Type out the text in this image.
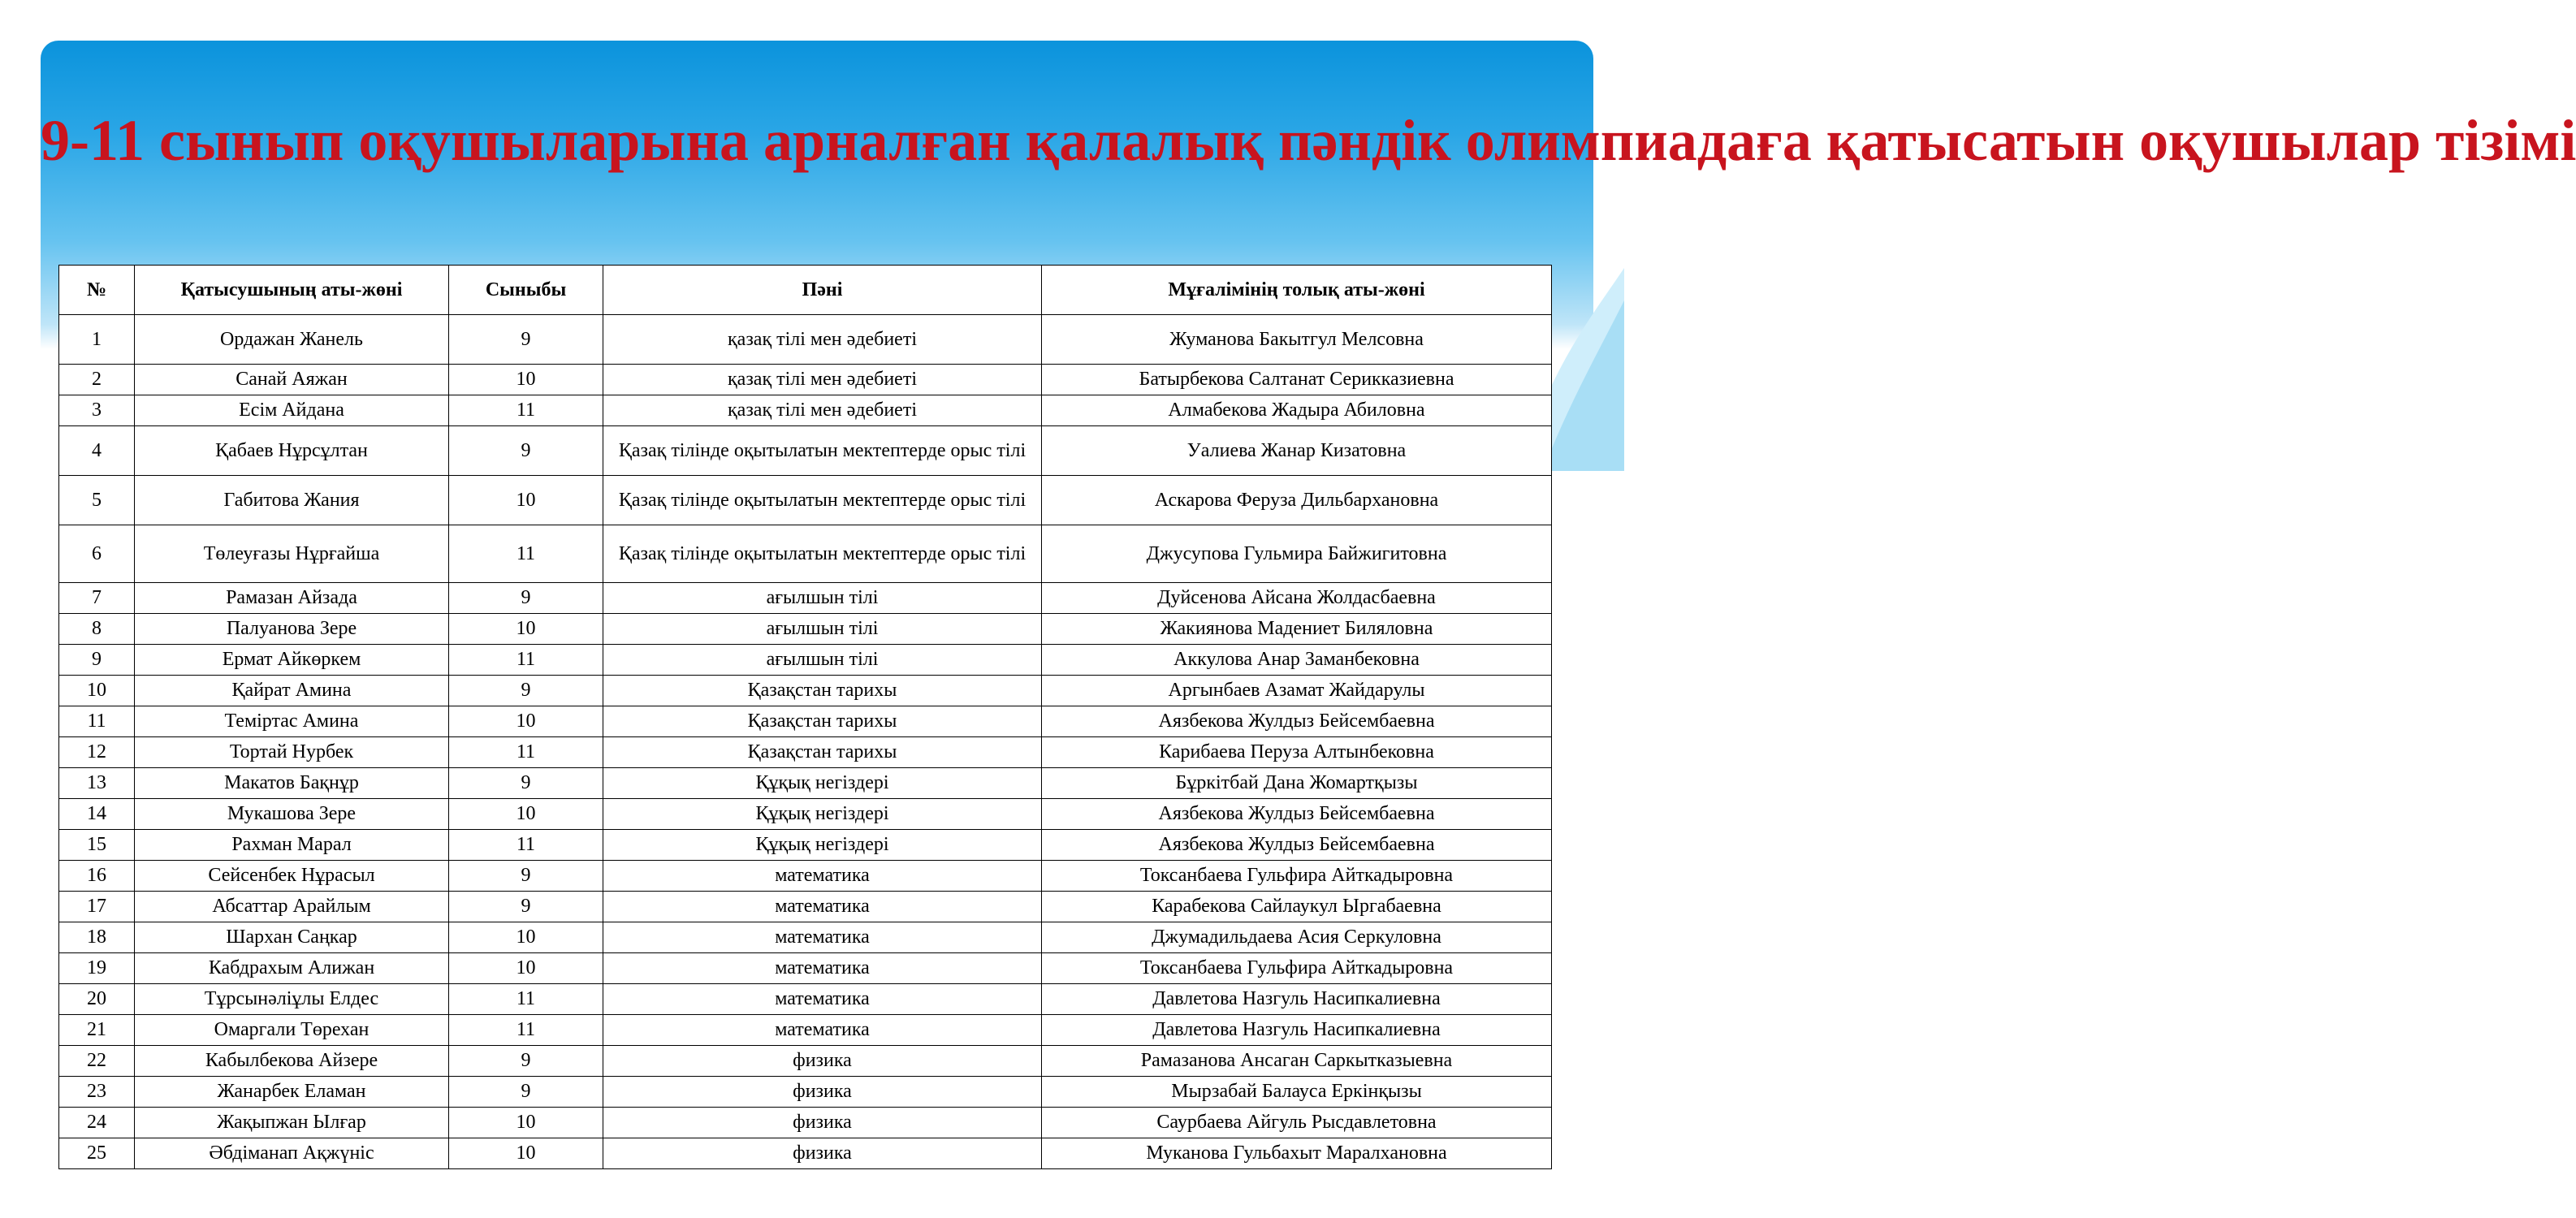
9-11 сынып оқушыларына арналған қалалық пәндік олимпиадаға қатысатын оқушылар тізімі
№	Қатысушының аты-жөні	Сыныбы	Пәні	Мұғалімінің толық аты-жөні
1	Ордажан Жанель	9	қазақ тілі мен әдебиеті	Жуманова Бакытгул Мелсовна
2	Санай Аяжан	10	қазақ тілі мен әдебиеті	Батырбекова Салтанат Серикказиевна
3	Есім Айдана	11	қазақ тілі мен әдебиеті	Алмабекова Жадыра Абиловна
4	Қабаев Нұрсұлтан	9	Қазақ тілінде оқытылатын мектептерде орыс тілі	Уалиева Жанар Кизатовна
5	Габитова Жания	10	Қазақ тілінде оқытылатын мектептерде орыс тілі	Аскарова Феруза Дильбархановна
6	Төлеуғазы Нұрғайша	11	Қазақ тілінде оқытылатын мектептерде орыс тілі	Джусупова Гульмира Байжигитовна
7	Рамазан Айзада	9	ағылшын тілі	Дуйсенова Айсана Жолдасбаевна
8	Палуанова Зере	10	ағылшын тілі	Жакиянова Мадениет Биляловна
9	Ермат Айкөркем	11	ағылшын тілі	Аккулова Анар Заманбековна
10	Қайрат Амина	9	Қазақстан тарихы	Аргынбаев Азамат Жайдарулы
11	Теміртас Амина	10	Қазақстан тарихы	Аязбекова Жулдыз Бейсембаевна
12	Тортай Нурбек	11	Қазақстан тарихы	Карибаева Перуза Алтынбековна
13	Макатов Бақнұр	9	Құқық негіздері	Бұркітбай Дана Жомартқызы
14	Мукашова Зере	10	Құқық негіздері	Аязбекова Жулдыз Бейсембаевна
15	Рахман Марал	11	Құқық негіздері	Аязбекова Жулдыз Бейсембаевна
16	Сейсенбек Нұрасыл	9	математика	Токсанбаева Гульфира Айткадыровна
17	Абсаттар Арайлым	9	математика	Карабекова Сайлаукул Ыргабаевна
18	Шархан Саңкар	10	математика	Джумадильдаева Асия Серкуловна
19	Кабдрахым Алижан	10	математика	Токсанбаева Гульфира Айткадыровна
20	Тұрсынәлiұлы Елдес	11	математика	Давлетова Назгуль Насипкалиевна
21	Омаргали Төрехан	11	математика	Давлетова Назгуль Насипкалиевна
22	Кабылбекова Айзере	9	физика	Рамазанова Ансаган Саркытказыевна
23	Жанарбек Еламан	9	физика	Мырзабай Балауса Еркінқызы
24	Жақыпжан Ылғар	10	физика	Саурбаева Айгуль Рысдавлетовна
25	Әбдіманап Ақжүніс	10	физика	Муканова Гульбахыт Маралхановна
